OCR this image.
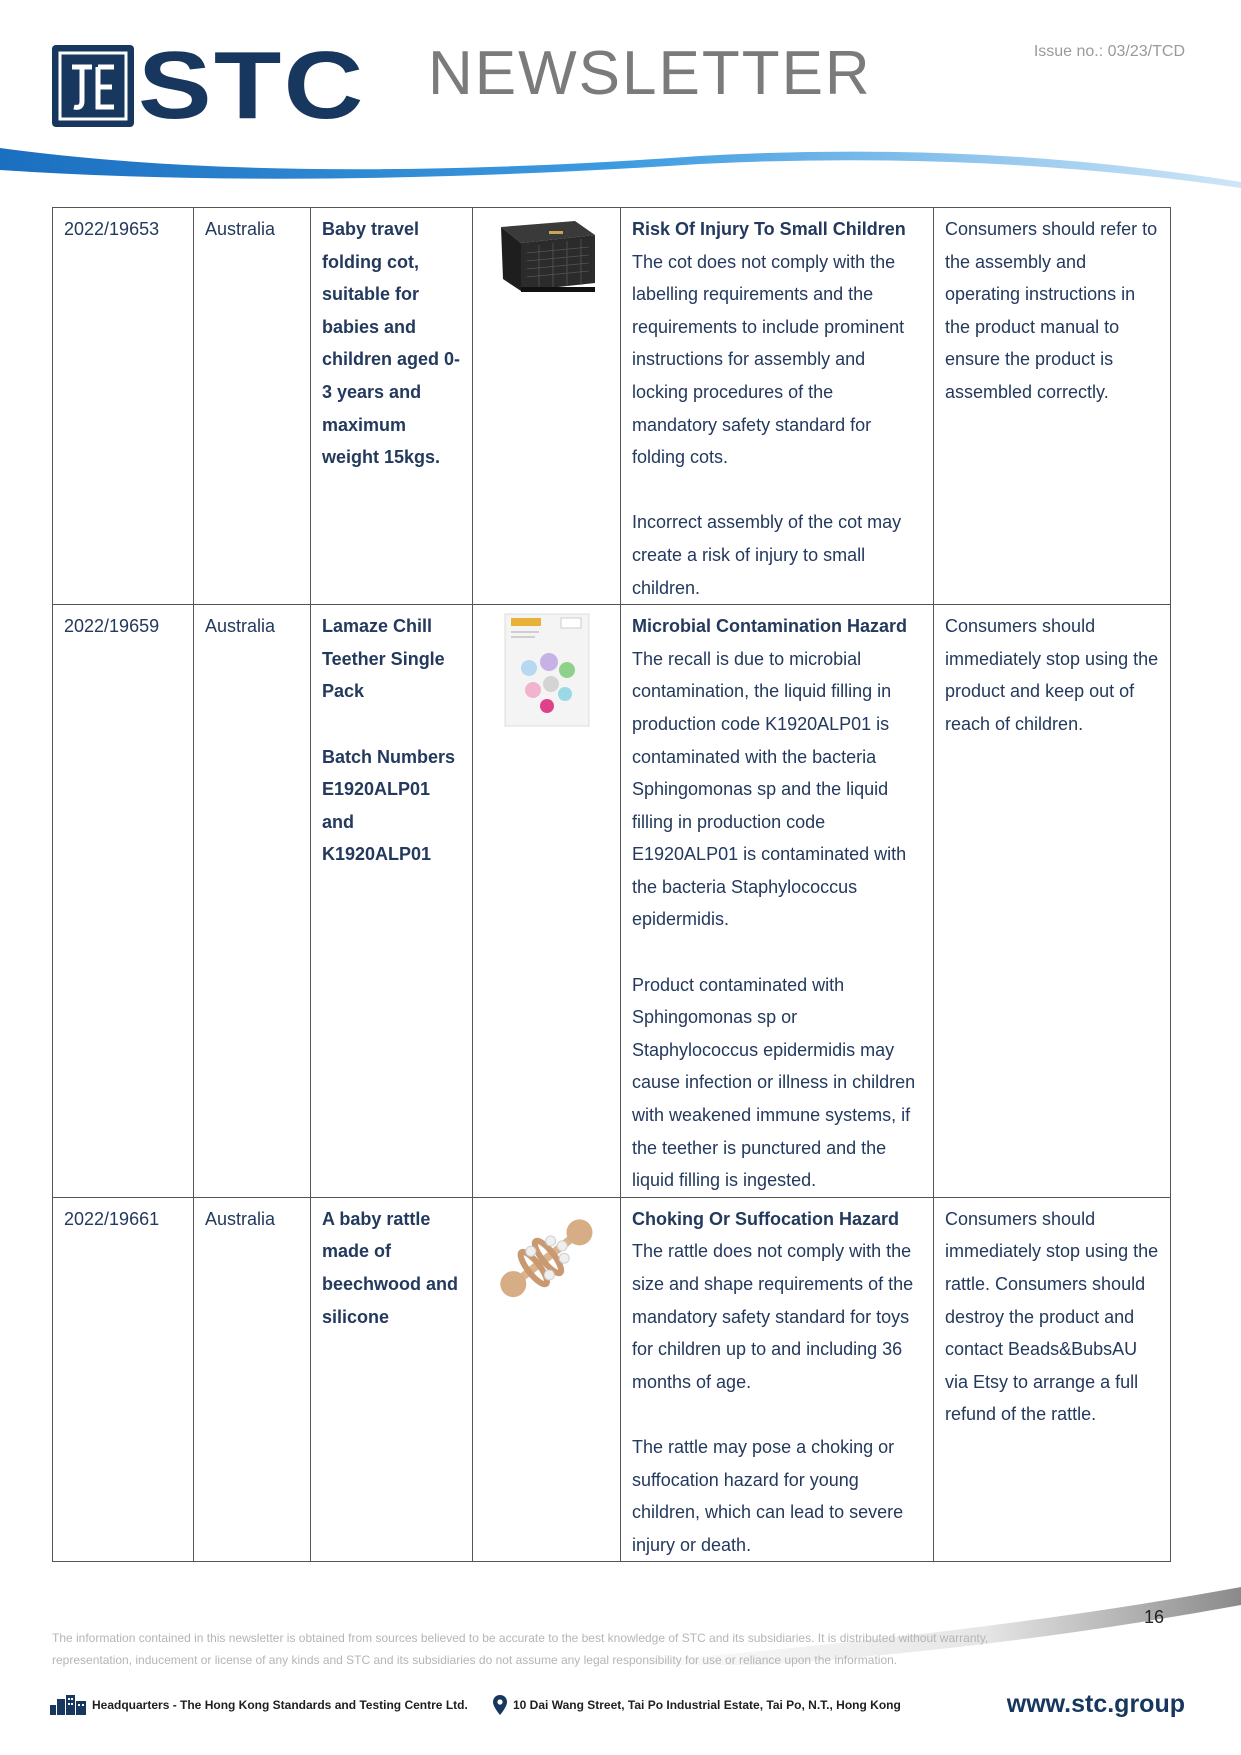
STC NEWSLETTER	Issue no.: 03/23/TCD
2022/19653	Australia	Baby travel folding cot, suitable for babies and children aged 0-3 years and maximum weight 15kgs.		Risk Of Injury To Small Children
The cot does not comply with the labelling requirements and the requirements to include prominent instructions for assembly and locking procedures of the mandatory safety standard for folding cots.
Incorrect assembly of the cot may create a risk of injury to small children.	Consumers should refer to the assembly and operating instructions in the product manual to ensure the product is assembled correctly.
2022/19659	Australia	Lamaze Chill Teether Single Pack

Batch Numbers E1920ALP01 and K1920ALP01		Microbial Contamination Hazard
The recall is due to microbial contamination, the liquid filling in production code K1920ALP01 is contaminated with the bacteria Sphingomonas sp and the liquid filling in production code E1920ALP01 is contaminated with the bacteria Staphylococcus epidermidis.
Product contaminated with Sphingomonas sp or Staphylococcus epidermidis may cause infection or illness in children with weakened immune systems, if the teether is punctured and the liquid filling is ingested.	Consumers should immediately stop using the product and keep out of reach of children.
2022/19661	Australia	A baby rattle made of beechwood and silicone		Choking Or Suffocation Hazard
The rattle does not comply with the size and shape requirements of the mandatory safety standard for toys for children up to and including 36 months of age.
The rattle may pose a choking or suffocation hazard for young children, which can lead to severe injury or death.	Consumers should immediately stop using the rattle. Consumers should destroy the product and contact Beads&BubsAU via Etsy to arrange a full refund of the rattle.
16
The information contained in this newsletter is obtained from sources believed to be accurate to the best knowledge of STC and its subsidiaries. It is distributed without warranty, representation, inducement or license of any kinds and STC and its subsidiaries do not assume any legal responsibility for use or reliance upon the information.
Headquarters - The Hong Kong Standards and Testing Centre Ltd.	10 Dai Wang Street, Tai Po Industrial Estate, Tai Po, N.T., Hong Kong	www.stc.group
